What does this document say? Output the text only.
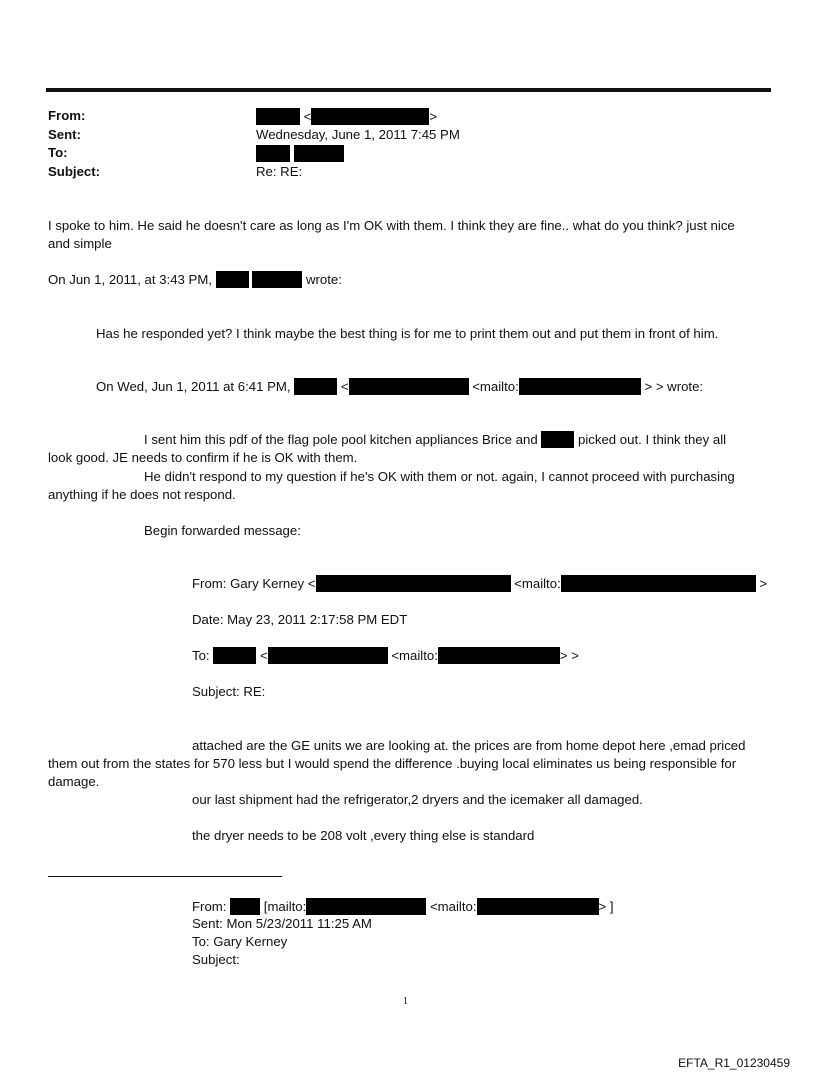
From:	<	>
Sent:	Wednesday, June 1, 2011 7:45 PM
To:

Subject:	Re: RE:
I spoke to him. He said he doesn't care as long as I'm OK with them. I think they are fine.. what do you think? just nice
and simple
On Jun 1, 2011, at 3:43 PM,	wrote:
Has he responded yet? I think maybe the best thing is for me to print them out and put them in front of him.
On Wed, Jun 1, 2011 at 6:41 PM,	<	<mailto:	> > wrote:
I sent him this pdf of the flag pole pool kitchen appliances Brice and	picked out. I think they all
look good. JE needs to confirm if he is OK with them.
He didn't respond to my question if he's OK with them or not. again, I cannot proceed with purchasing
anything if he does not respond.
Begin forwarded message:
From: Gary Kerney <	<mailto:	>
Date: May 23, 2011 2:17:58 PM EDT
To:	<	<mailto:	> >
Subject: RE:
attached are the GE units we are looking at. the prices are from home depot here ,emad priced
them out from the states for 570 less but I would spend the difference .buying local eliminates us being responsible for
damage.
our last shipment had the refrigerator,2 dryers and the icemaker all damaged.
the dryer needs to be 208 volt ,every thing else is standard
From:	[mailto:	<mailto:	> ]
Sent: Mon 5/23/2011 11:25 AM
To: Gary Kerney
Subject:
1
EFTA_R1_01230459
